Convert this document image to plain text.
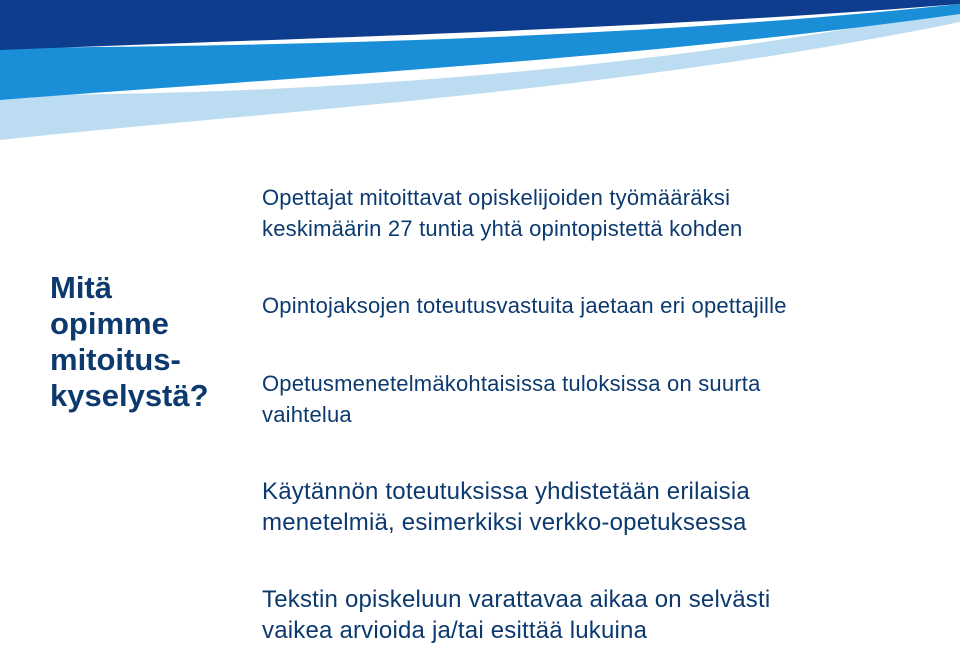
Mitä
opimme
mitoitus-
kyselystä?
Opettajat mitoittavat opiskelijoiden työmääräksi
keskimäärin 27 tuntia yhtä opintopistettä kohden
Opintojaksojen toteutusvastuita jaetaan eri opettajille
Opetusmenetelmäkohtaisissa tuloksissa on suurta
vaihtelua
Käytännön toteutuksissa yhdistetään erilaisia
menetelmiä, esimerkiksi verkko-opetuksessa
Tekstin opiskeluun varattavaa aikaa on selvästi
vaikea arvioida ja/tai esittää lukuina
